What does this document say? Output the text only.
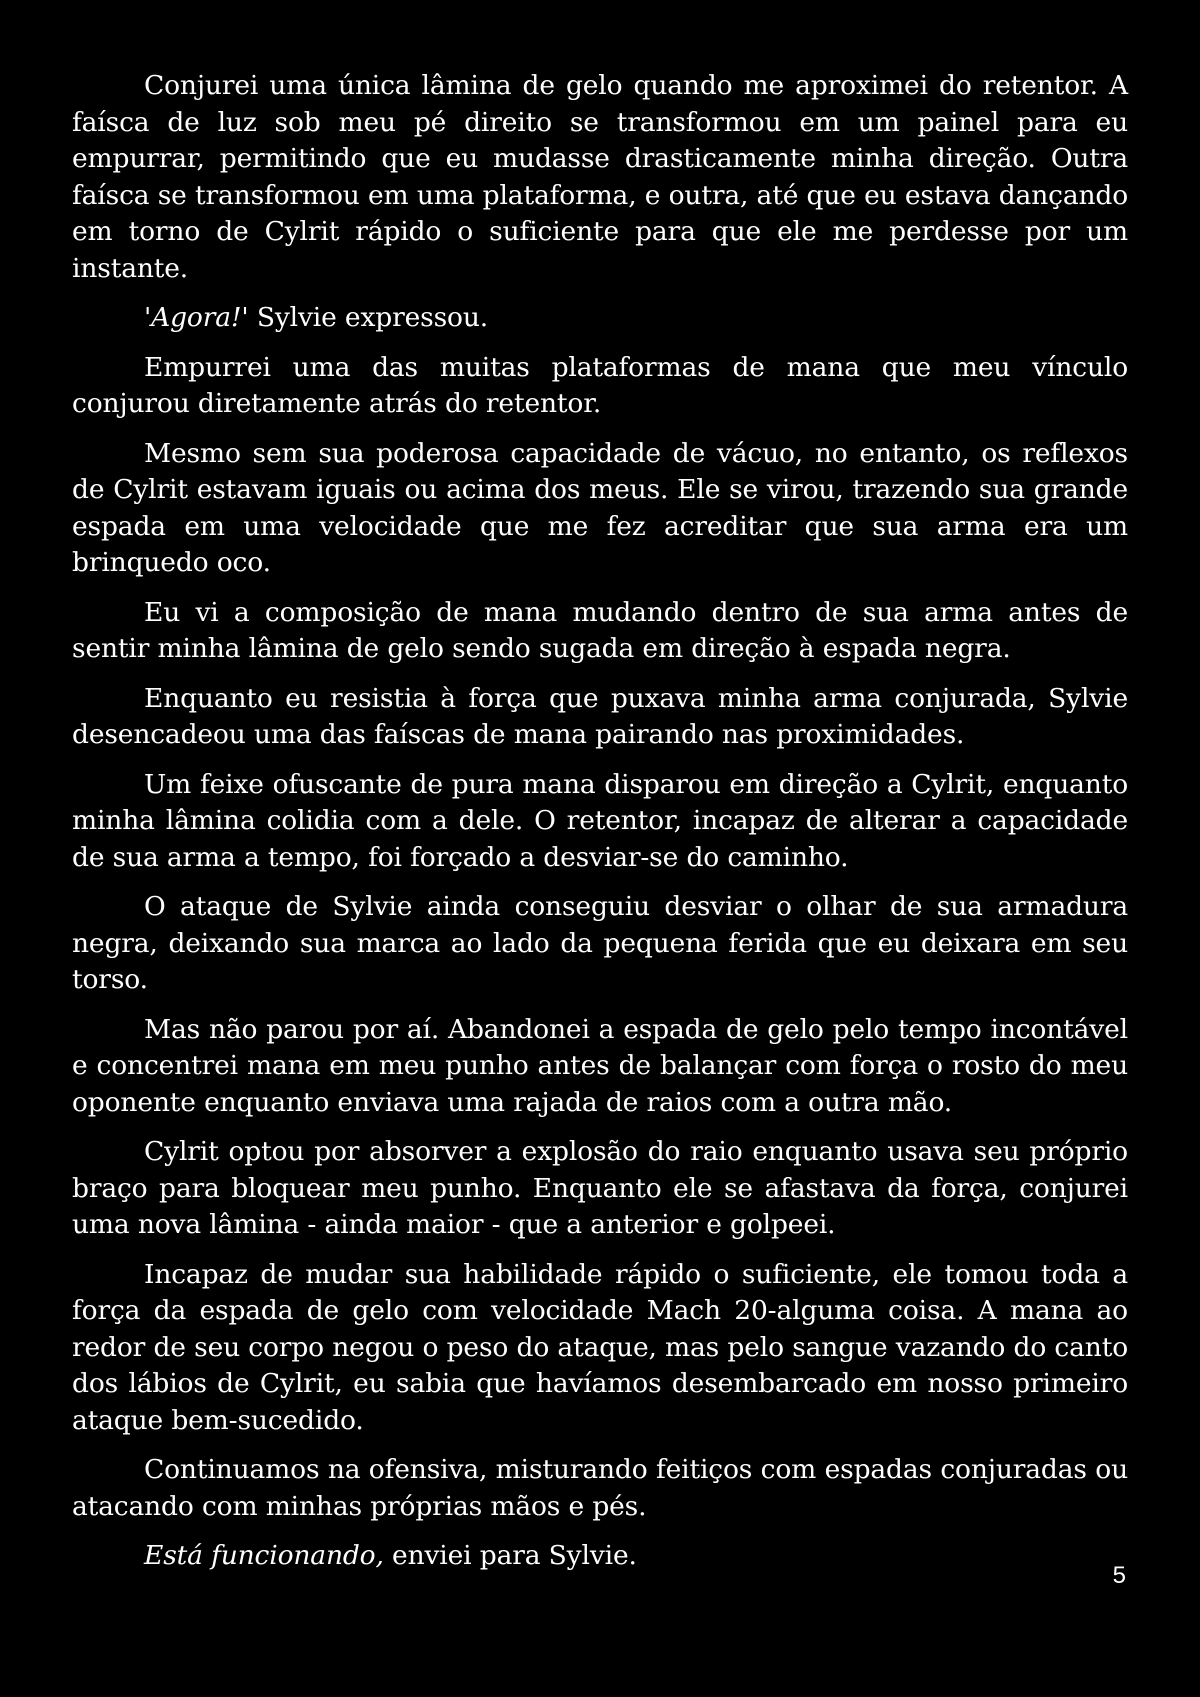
Conjurei uma única lâmina de gelo quando me aproximei do retentor. A faísca de luz sob meu pé direito se transformou em um painel para eu empurrar, permitindo que eu mudasse drasticamente minha direção. Outra faísca se transformou em uma plataforma, e outra, até que eu estava dançando em torno de Cylrit rápido o suficiente para que ele me perdesse por um instante.

'Agora!' Sylvie expressou.

Empurrei uma das muitas plataformas de mana que meu vínculo conjurou diretamente atrás do retentor.

Mesmo sem sua poderosa capacidade de vácuo, no entanto, os reflexos de Cylrit estavam iguais ou acima dos meus. Ele se virou, trazendo sua grande espada em uma velocidade que me fez acreditar que sua arma era um brinquedo oco.

Eu vi a composição de mana mudando dentro de sua arma antes de sentir minha lâmina de gelo sendo sugada em direção à espada negra.

Enquanto eu resistia à força que puxava minha arma conjurada, Sylvie desencadeou uma das faíscas de mana pairando nas proximidades.

Um feixe ofuscante de pura mana disparou em direção a Cylrit, enquanto minha lâmina colidia com a dele. O retentor, incapaz de alterar a capacidade de sua arma a tempo, foi forçado a desviar-se do caminho.

O ataque de Sylvie ainda conseguiu desviar o olhar de sua armadura negra, deixando sua marca ao lado da pequena ferida que eu deixara em seu torso.

Mas não parou por aí. Abandonei a espada de gelo pelo tempo incontável e concentrei mana em meu punho antes de balançar com força o rosto do meu oponente enquanto enviava uma rajada de raios com a outra mão.

Cylrit optou por absorver a explosão do raio enquanto usava seu próprio braço para bloquear meu punho. Enquanto ele se afastava da força, conjurei uma nova lâmina - ainda maior - que a anterior e golpeei.

Incapaz de mudar sua habilidade rápido o suficiente, ele tomou toda a força da espada de gelo com velocidade Mach 20-alguma coisa. A mana ao redor de seu corpo negou o peso do ataque, mas pelo sangue vazando do canto dos lábios de Cylrit, eu sabia que havíamos desembarcado em nosso primeiro ataque bem-sucedido.

Continuamos na ofensiva, misturando feitiços com espadas conjuradas ou atacando com minhas próprias mãos e pés.

Está funcionando, enviei para Sylvie.

5
